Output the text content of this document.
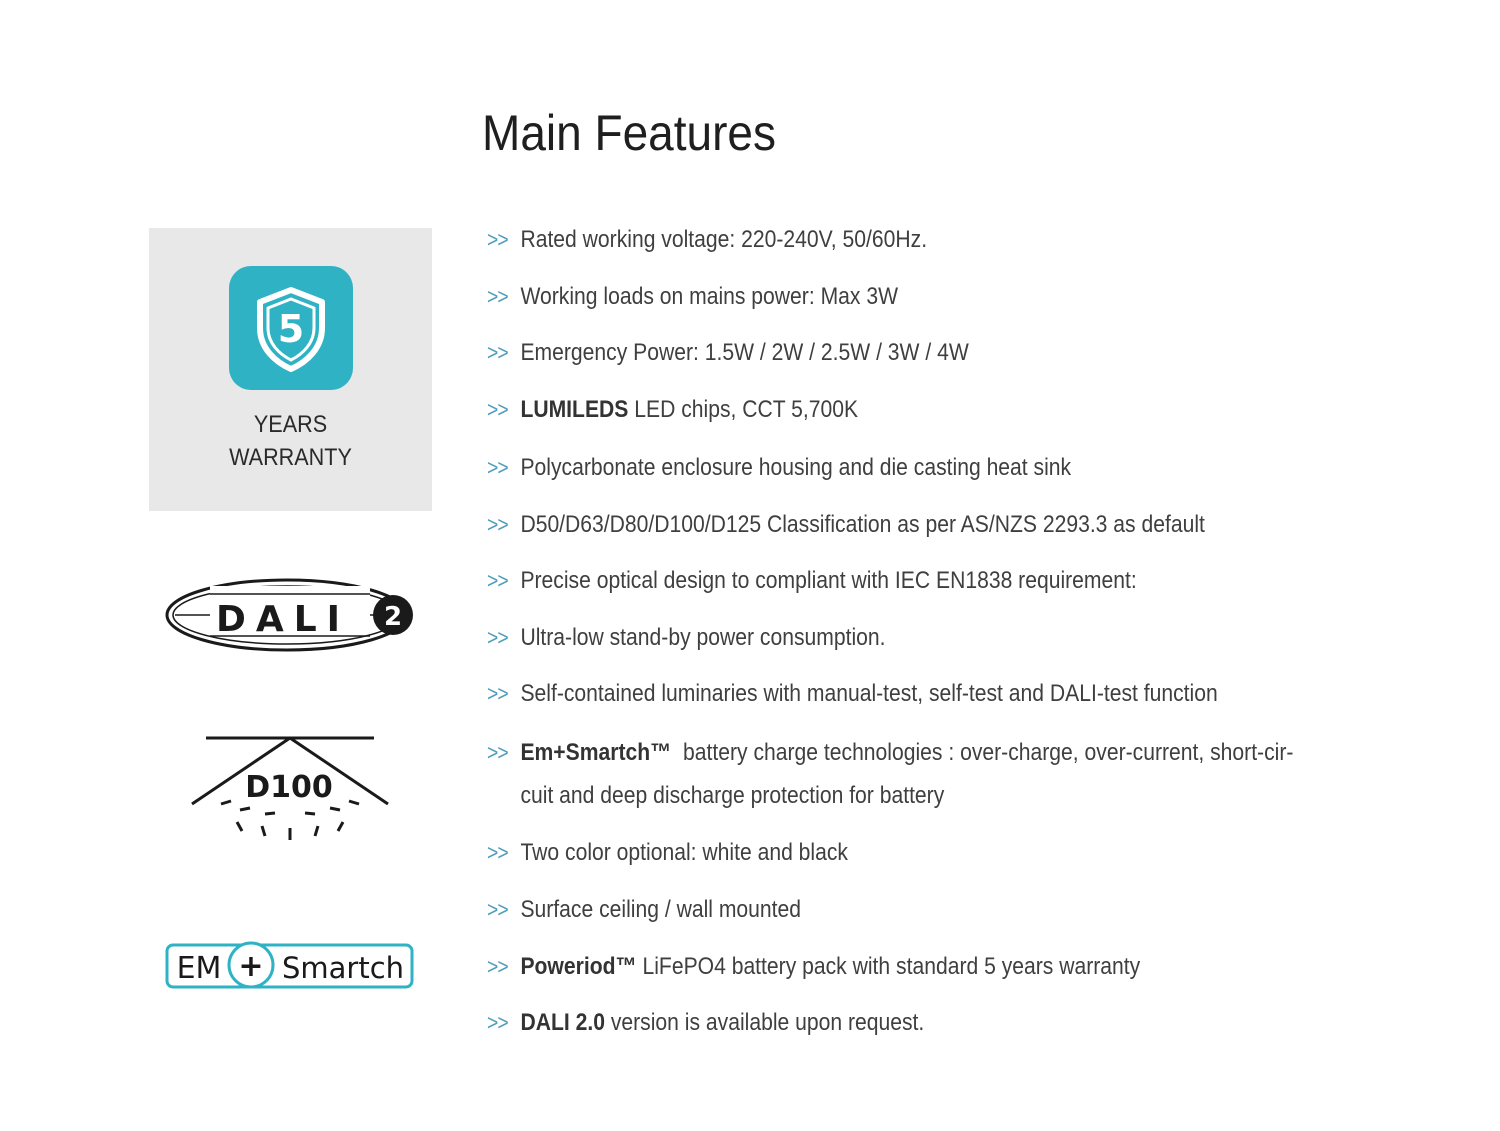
Main Features
5
YEARS
WARRANTY
DALI 2
D100
EM + Smartch
>> Rated working voltage: 220-240V, 50/60Hz.
>> Working loads on mains power: Max 3W
>> Emergency Power: 1.5W / 2W / 2.5W / 3W / 4W
>> LUMILEDS LED chips, CCT 5,700K
>> Polycarbonate enclosure housing and die casting heat sink
>> D50/D63/D80/D100/D125 Classification as per AS/NZS 2293.3 as default
>> Precise optical design to compliant with IEC EN1838 requirement:
>> Ultra-low stand-by power consumption.
>> Self-contained luminaries with manual-test, self-test and DALI-test function
>> Em+Smartch™  battery charge technologies : over-charge, over-current, short-cir-
cuit and deep discharge protection for battery
>> Two color optional: white and black
>> Surface ceiling / wall mounted
>> Poweriod™ LiFePO4 battery pack with standard 5 years warranty
>> DALI 2.0 version is available upon request.
